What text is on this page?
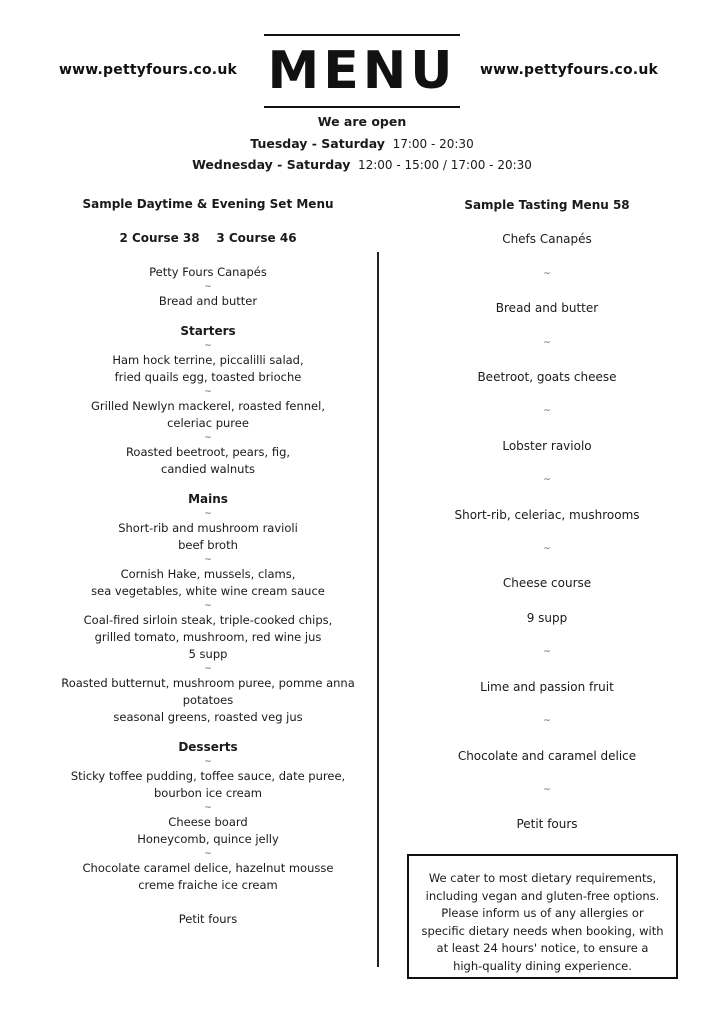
www.pettyfours.co.uk MENU www.pettyfours.co.uk
We are open
Tuesday - Saturday 17:00 - 20:30
Wednesday - Saturday 12:00 - 15:00 / 17:00 - 20:30
Sample Daytime & Evening Set Menu
2 Course 38    3 Course 46
Petty Fours Canapés
~
Bread and butter
Starters
~
Ham hock terrine, piccalilli salad,
fried quails egg, toasted brioche
~
Grilled Newlyn mackerel, roasted fennel,
celeriac puree
~
Roasted beetroot, pears, fig,
candied walnuts
Mains
~
Short-rib and mushroom ravioli
beef broth
~
Cornish Hake, mussels, clams,
sea vegetables, white wine cream sauce
~
Coal-fired sirloin steak, triple-cooked chips,
grilled tomato, mushroom, red wine jus
5 supp
~
Roasted butternut, mushroom puree, pomme anna
potatoes
seasonal greens, roasted veg jus
Desserts
~
Sticky toffee pudding, toffee sauce, date puree,
bourbon ice cream
~
Cheese board
Honeycomb, quince jelly
~
Chocolate caramel delice, hazelnut mousse
creme fraiche ice cream
Petit fours
Sample Tasting Menu 58
Chefs Canapés
~
Bread and butter
~
Beetroot, goats cheese
~
Lobster raviolo
~
Short-rib, celeriac, mushrooms
~
Cheese course
9 supp
~
Lime and passion fruit
~
Chocolate and caramel delice
~
Petit fours
We cater to most dietary requirements, including vegan and gluten-free options. Please inform us of any allergies or specific dietary needs when booking, with at least 24 hours' notice, to ensure a high-quality dining experience.
